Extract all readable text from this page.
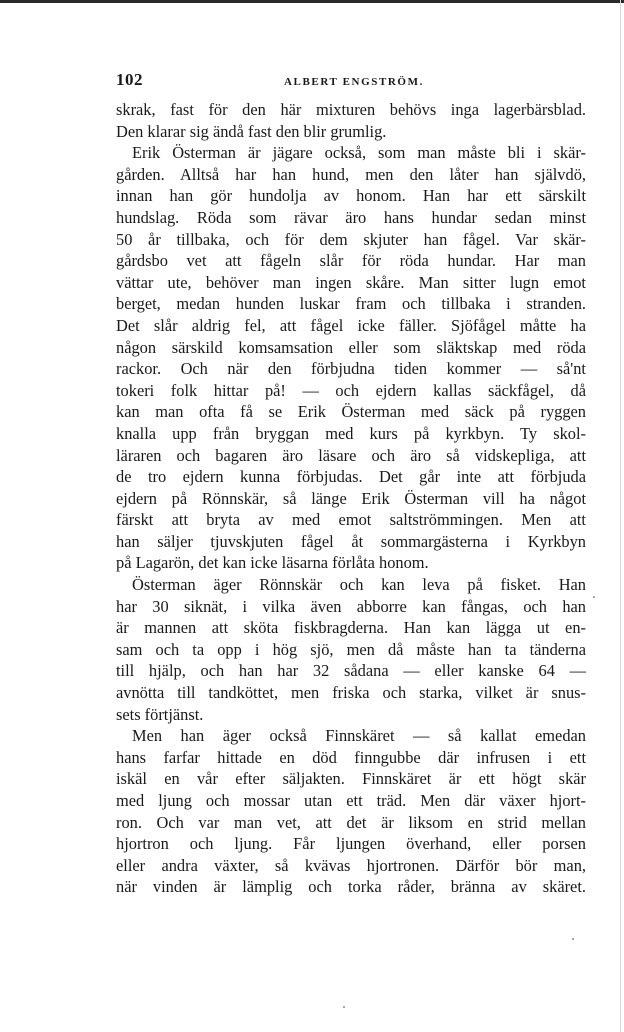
102	ALBERT ENGSTRÖM.
skrak, fast för den här mixturen behövs inga lagerbärsblad.
Den klarar sig ändå fast den blir grumlig.
Erik Österman är jägare också, som man måste bli i skär-
gården. Alltså har han hund, men den låter han självdö,
innan han gör hundolja av honom. Han har ett särskilt
hundslag. Röda som rävar äro hans hundar sedan minst
50 år tillbaka, och för dem skjuter han fågel. Var skär-
gårdsbo vet att fågeln slår för röda hundar. Har man
vättar ute, behöver man ingen skåre. Man sitter lugn emot
berget, medan hunden luskar fram och tillbaka i stranden.
Det slår aldrig fel, att fågel icke fäller. Sjöfågel måtte ha
någon särskild komsamsation eller som släktskap med röda
rackor. Och när den förbjudna tiden kommer — så'nt
tokeri folk hittar på! — och ejdern kallas säckfågel, då
kan man ofta få se Erik Österman med säck på ryggen
knalla upp från bryggan med kurs på kyrkbyn. Ty skol-
läraren och bagaren äro läsare och äro så vidskepliga, att
de tro ejdern kunna förbjudas. Det går inte att förbjuda
ejdern på Rönnskär, så länge Erik Österman vill ha något
färskt att bryta av med emot saltströmmingen. Men att
han säljer tjuvskjuten fågel åt sommargästerna i Kyrkbyn
på Lagarön, det kan icke läsarna förlåta honom.
Österman äger Rönnskär och kan leva på fisket. Han
har 30 siknät, i vilka även abborre kan fångas, och han
är mannen att sköta fiskbragderna. Han kan lägga ut en-
sam och ta opp i hög sjö, men då måste han ta tänderna
till hjälp, och han har 32 sådana — eller kanske 64 —
avnötta till tandköttet, men friska och starka, vilket är snus-
sets förtjänst.
Men han äger också Finnskäret — så kallat emedan
hans farfar hittade en död finngubbe där infrusen i ett
iskäl en vår efter säljakten. Finnskäret är ett högt skär
med ljung och mossar utan ett träd. Men där växer hjort-
ron. Och var man vet, att det är liksom en strid mellan
hjortron och ljung. Får ljungen överhand, eller porsen
eller andra växter, så kvävas hjortronen. Därför bör man,
när vinden är lämplig och torka råder, bränna av skäret.
